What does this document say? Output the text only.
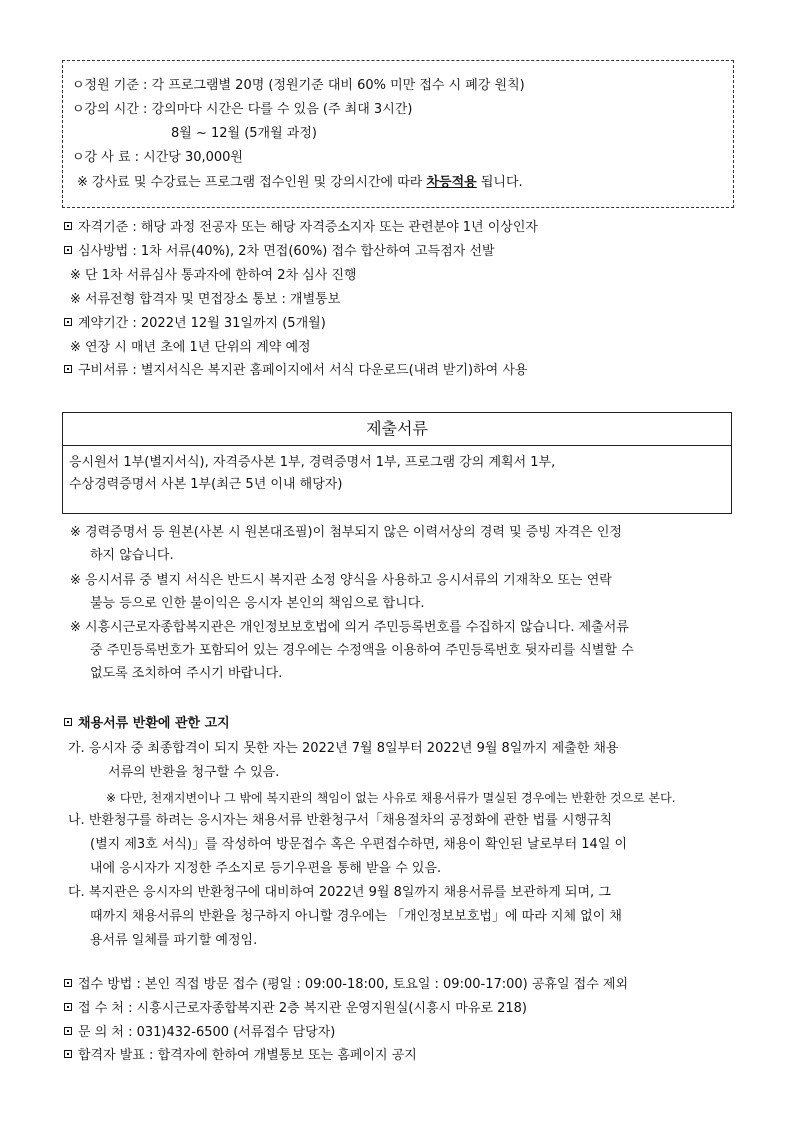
ㅇ정원 기준 : 각 프로그램별 20명 (정원기준 대비 60% 미만 접수 시 폐강 원칙)
ㅇ강의 시간 : 강의마다 시간은 다를 수 있음 (주 최대 3시간)
8월 ~ 12월 (5개월 과정)
ㅇ강 사 료 : 시간당 30,000원
※ 강사료 및 수강료는 프로그램 접수인원 및 강의시간에 따라 차등적용 됩니다.
자격기준 : 해당 과정 전공자 또는 해당 자격증소지자 또는 관련분야 1년 이상인자
심사방법 : 1차 서류(40%), 2차 면접(60%) 접수 합산하여 고득점자 선발
※ 단 1차 서류심사 통과자에 한하여 2차 심사 진행
※ 서류전형 합격자 및 면접장소 통보 : 개별통보
계약기간 : 2022년 12월 31일까지 (5개월)
※ 연장 시 매년 초에 1년 단위의 계약 예정
구비서류 : 별지서식은 복지관 홈페이지에서 서식 다운로드(내려 받기)하여 사용
제출서류
응시원서 1부(별지서식), 자격증사본 1부, 경력증명서 1부, 프로그램 강의 계획서 1부,
수상경력증명서 사본 1부(최근 5년 이내 해당자)
※ 경력증명서 등 원본(사본 시 원본대조필)이 첨부되지 않은 이력서상의 경력 및 증빙 자격은 인정
하지 않습니다.
※ 응시서류 중 별지 서식은 반드시 복지관 소정 양식을 사용하고 응시서류의 기재착오 또는 연락
불능 등으로 인한 불이익은 응시자 본인의 책임으로 합니다.
※ 시흥시근로자종합복지관은 개인정보보호법에 의거 주민등록번호를 수집하지 않습니다. 제출서류
중 주민등록번호가 포함되어 있는 경우에는 수정액을 이용하여 주민등록번호 뒷자리를 식별할 수
없도록 조치하여 주시기 바랍니다.
채용서류 반환에 관한 고지
가. 응시자 중 최종합격이 되지 못한 자는 2022년 7월 8일부터 2022년 9월 8일까지 제출한 채용
서류의 반환을 청구할 수 있음.
※ 다만, 천재지변이나 그 밖에 복지관의 책임이 없는 사유로 채용서류가 멸실된 경우에는 반환한 것으로 본다.
나. 반환청구를 하려는 응시자는 채용서류 반환청구서「채용절차의 공정화에 관한 법률 시행규칙
(별지 제3호 서식)」를 작성하여 방문접수 혹은 우편접수하면, 채용이 확인된 날로부터 14일 이
내에 응시자가 지정한 주소지로 등기우편을 통해 받을 수 있음.
다. 복지관은 응시자의 반환청구에 대비하여 2022년 9월 8일까지 채용서류를 보관하게 되며, 그
때까지 채용서류의 반환을 청구하지 아니할 경우에는 「개인정보보호법」에 따라 지체 없이 채
용서류 일체를 파기할 예정임.
접수 방법 : 본인 직접 방문 접수 (평일 : 09:00-18:00, 토요일 : 09:00-17:00) 공휴일 접수 제외
접 수 처 : 시흥시근로자종합복지관 2층 복지관 운영지원실(시흥시 마유로 218)
문 의 처 : 031)432-6500 (서류접수 담당자)
합격자 발표 : 합격자에 한하여 개별통보 또는 홈페이지 공지
